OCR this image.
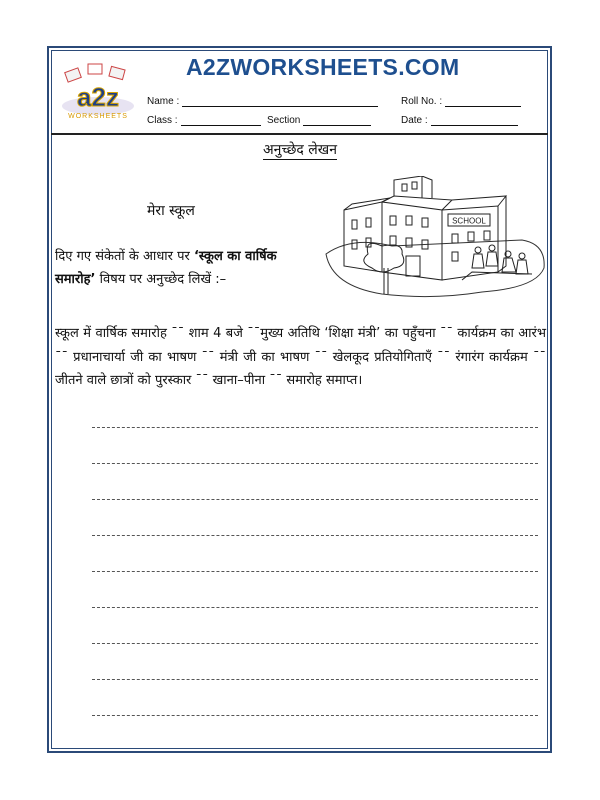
a2z
WORKSHEETS
A2ZWORKSHEETS.COM
Name :	Roll No. :
Class :	Section	Date :
अनुच्छेद लेखन
मेरा स्कूल
दिए गए संकेतों के आधार पर ‘स्कूल का वार्षिक समारोह’ विषय पर अनुच्छेद लिखें :–
SCHOOL
स्कूल में वार्षिक समारोह ¯¯ शाम 4 बजे ¯¯मुख्य अतिथि ‘शिक्षा मंत्री’ का पहुँचना ¯¯ कार्यक्रम का आरंभ ¯¯ प्रधानाचार्या जी का भाषण ¯¯ मंत्री जी का भाषण ¯¯ खेलकूद प्रतियोगिताएँ ¯¯ रंगारंग कार्यक्रम ¯¯ जीतने वाले छात्रों को पुरस्कार ¯¯ खाना–पीना ¯¯ समारोह समाप्त।
